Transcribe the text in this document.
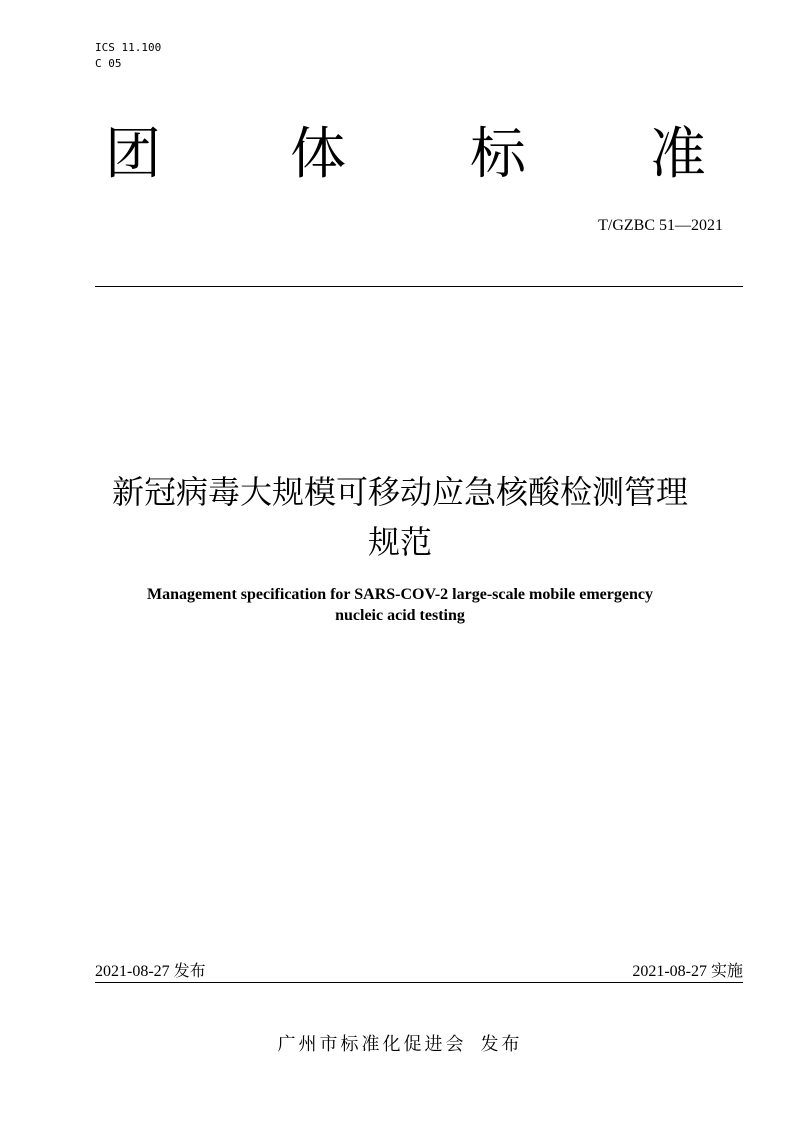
ICS 11.100
C 05
团 体 标 准
T/GZBC 51—2021
新冠病毒大规模可移动应急核酸检测管理
规范
Management specification for SARS-COV-2 large-scale mobile emergency
nucleic acid testing
2021-08-27 发布	2021-08-27 实施
广州市标准化促进会 发布
